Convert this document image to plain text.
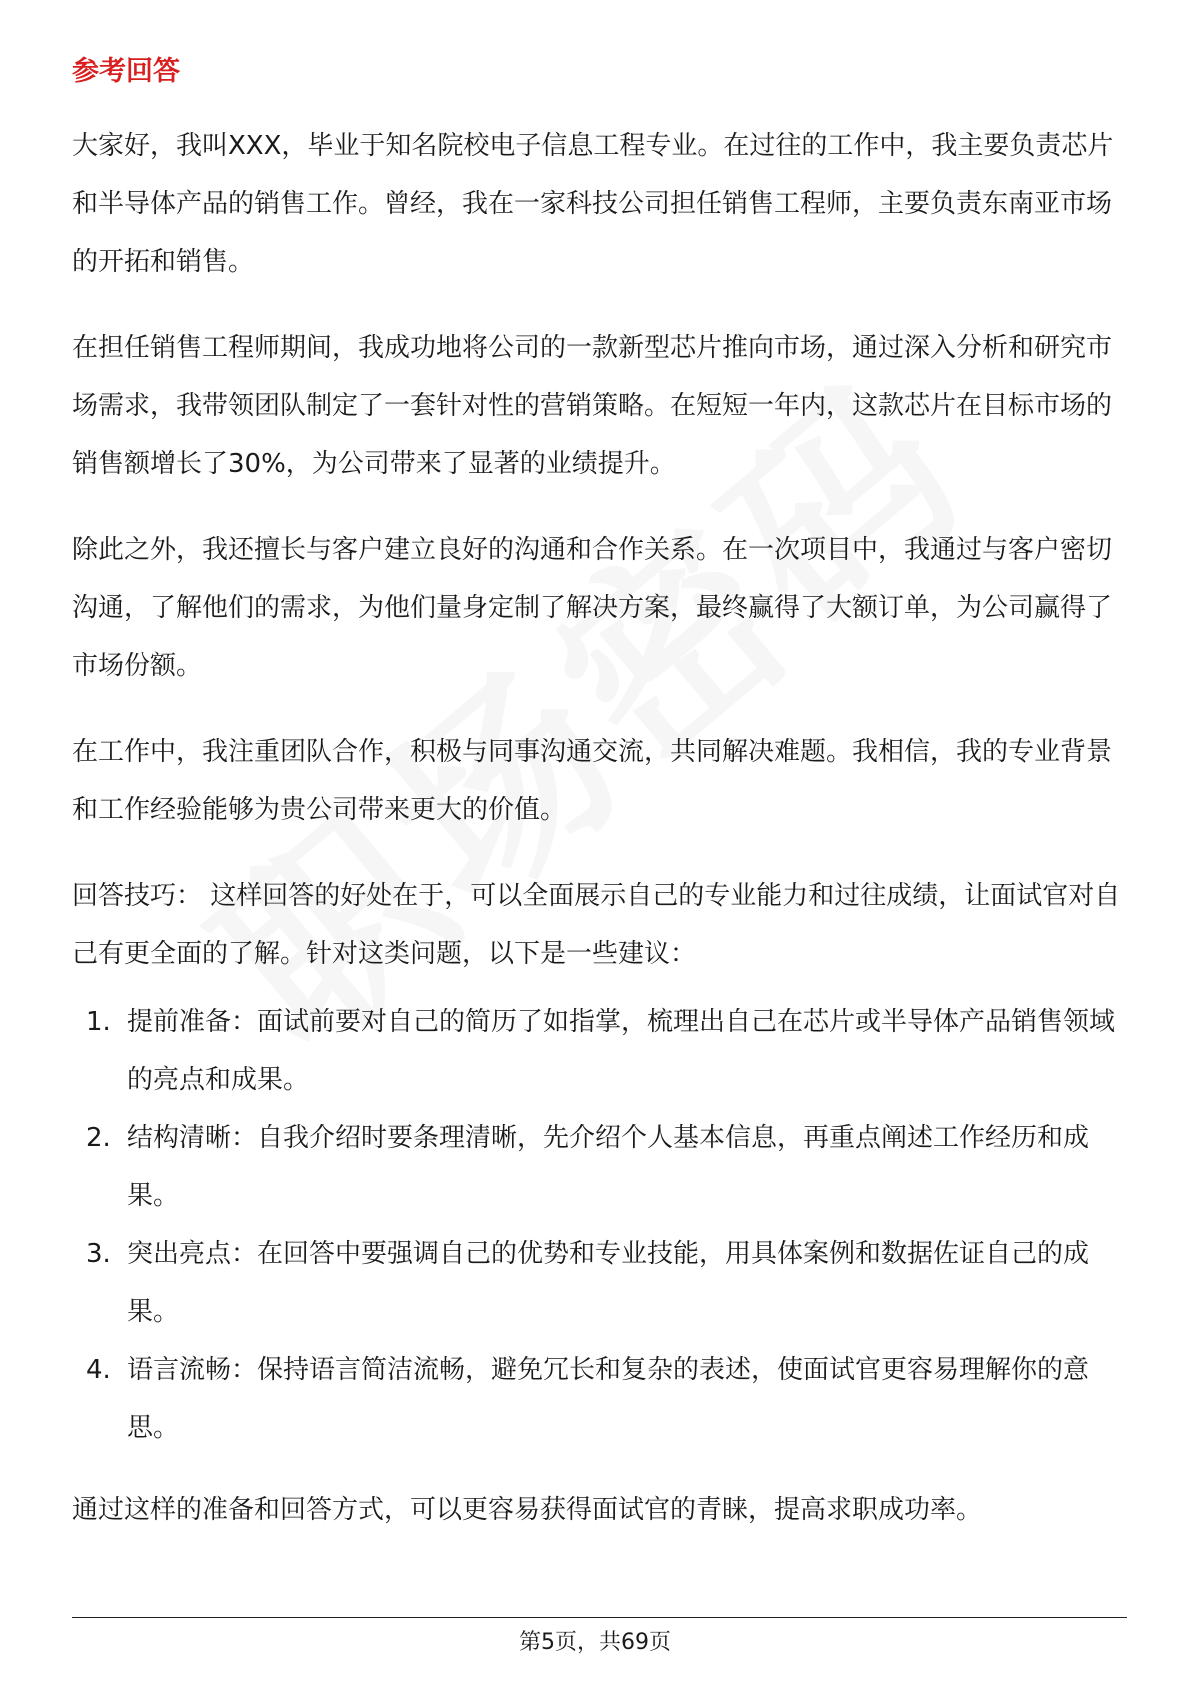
参考回答

大家好，我叫XXX，毕业于知名院校电子信息工程专业。在过往的工作中，我主要负责芯片和半导体产品的销售工作。曾经，我在一家科技公司担任销售工程师，主要负责东南亚市场的开拓和销售。

在担任销售工程师期间，我成功地将公司的一款新型芯片推向市场，通过深入分析和研究市场需求，我带领团队制定了一套针对性的营销策略。在短短一年内，这款芯片在目标市场的销售额增长了30%，为公司带来了显著的业绩提升。

除此之外，我还擅长与客户建立良好的沟通和合作关系。在一次项目中，我通过与客户密切沟通，了解他们的需求，为他们量身定制了解决方案，最终赢得了大额订单，为公司赢得了市场份额。

在工作中，我注重团队合作，积极与同事沟通交流，共同解决难题。我相信，我的专业背景和工作经验能够为贵公司带来更大的价值。

回答技巧： 这样回答的好处在于，可以全面展示自己的专业能力和过往成绩，让面试官对自己有更全面的了解。针对这类问题，以下是一些建议：

1. 提前准备：面试前要对自己的简历了如指掌，梳理出自己在芯片或半导体产品销售领域的亮点和成果。
2. 结构清晰：自我介绍时要条理清晰，先介绍个人基本信息，再重点阐述工作经历和成果。
3. 突出亮点：在回答中要强调自己的优势和专业技能，用具体案例和数据佐证自己的成果。
4. 语言流畅：保持语言简洁流畅，避免冗长和复杂的表述，使面试官更容易理解你的意思。

通过这样的准备和回答方式，可以更容易获得面试官的青睐，提高求职成功率。

第5页，共69页
